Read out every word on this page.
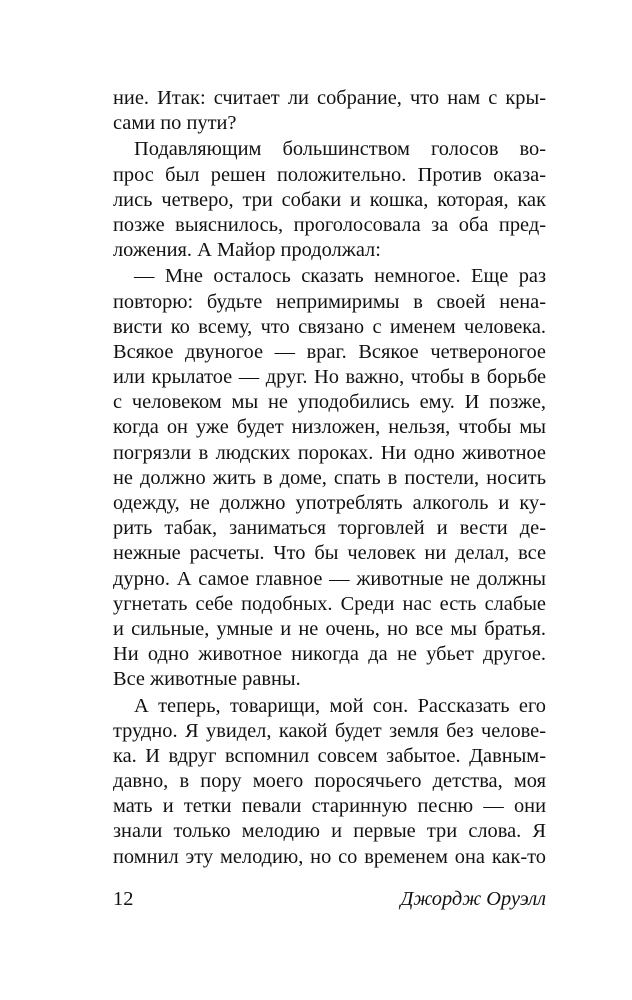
ние. Итак: считает ли собрание, что нам с кры-
сами по пути?
Подавляющим большинством голосов во-
прос был решен положительно. Против оказа-
лись четверо, три собаки и кошка, которая, как
позже выяснилось, проголосовала за оба пред-
ложения. А Майор продолжал:
— Мне осталось сказать немногое. Еще раз
повторю: будьте непримиримы в своей нена-
висти ко всему, что связано с именем человека.
Всякое двуногое — враг. Всякое четвероногое
или крылатое — друг. Но важно, чтобы в борьбе
с человеком мы не уподобились ему. И позже,
когда он уже будет низложен, нельзя, чтобы мы
погрязли в людских пороках. Ни одно животное
не должно жить в доме, спать в постели, носить
одежду, не должно употреблять алкоголь и ку-
рить табак, заниматься торговлей и вести де-
нежные расчеты. Что бы человек ни делал, все
дурно. А самое главное — животные не должны
угнетать себе подобных. Среди нас есть слабые
и сильные, умные и не очень, но все мы братья.
Ни одно животное никогда да не убьет другое.
Все животные равны.
А теперь, товарищи, мой сон. Рассказать его
трудно. Я увидел, какой будет земля без челове-
ка. И вдруг вспомнил совсем забытое. Давным-
давно, в пору моего поросячьего детства, моя
мать и тетки певали старинную песню — они
знали только мелодию и первые три слова. Я
помнил эту мелодию, но со временем она как-то
12	Джордж Оруэлл
